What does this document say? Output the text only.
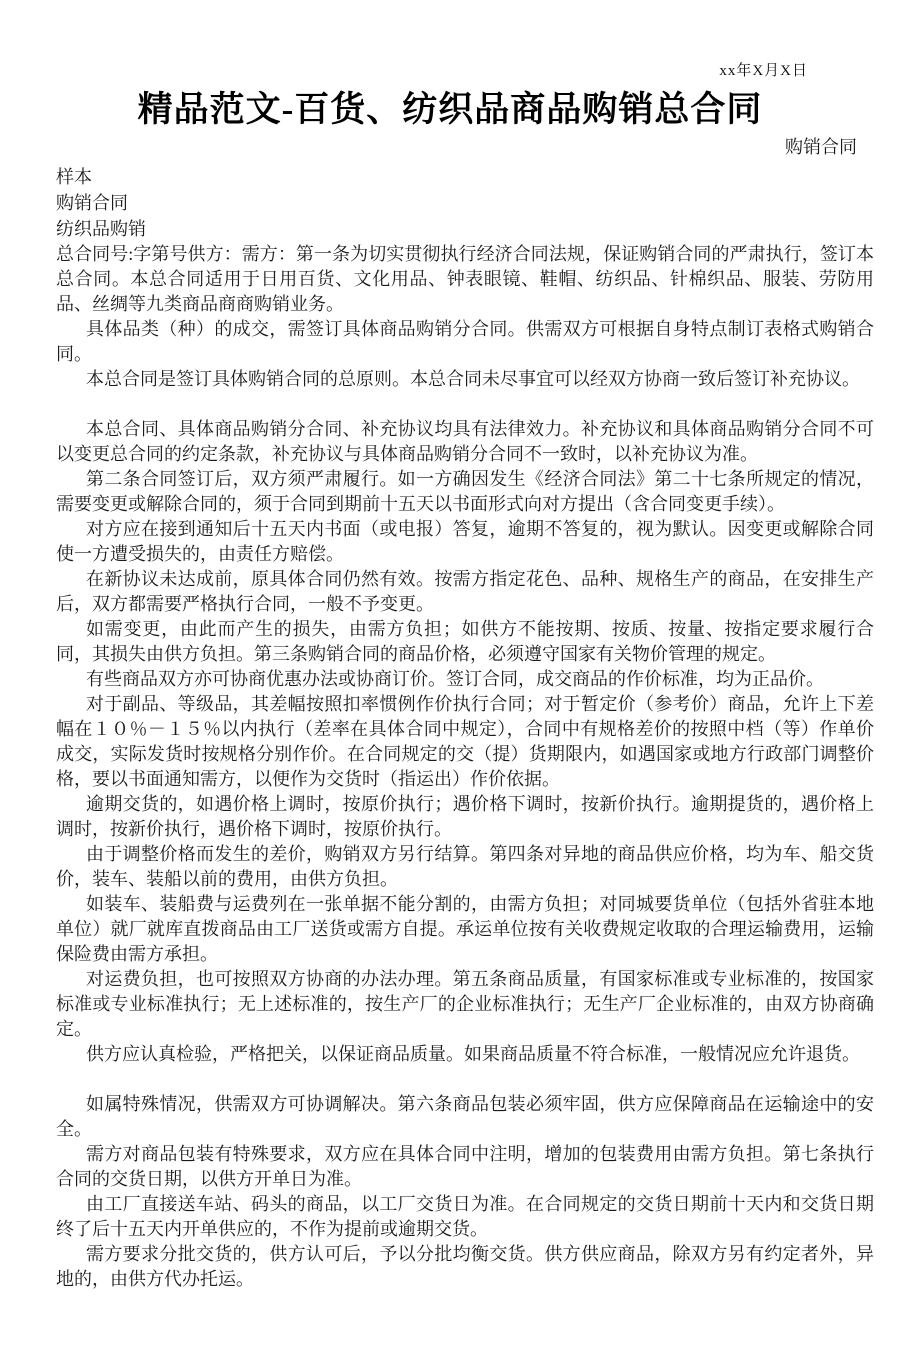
xx年X月X日
精品范文-百货、纺织品商品购销总合同
购销合同
样本
购销合同
纺织品购销

总合同号:字第号供方：需方：第一条为切实贯彻执行经济合同法规，保证购销合同的严肃执行，签订本总合同。本总合同适用于日用百货、文化用品、钟表眼镜、鞋帽、纺织品、针棉织品、服装、劳防用品、丝绸等九类商品商商购销业务。

具体品类（种）的成交，需签订具体商品购销分合同。供需双方可根据自身特点制订表格式购销合同。

本总合同是签订具体购销合同的总原则。本总合同未尽事宜可以经双方协商一致后签订补充协议。

本总合同、具体商品购销分合同、补充协议均具有法律效力。补充协议和具体商品购销分合同不可以变更总合同的约定条款，补充协议与具体商品购销分合同不一致时，以补充协议为准。

第二条合同签订后，双方须严肃履行。如一方确因发生《经济合同法》第二十七条所规定的情况，需要变更或解除合同的，须于合同到期前十五天以书面形式向对方提出（含合同变更手续）。

对方应在接到通知后十五天内书面（或电报）答复，逾期不答复的，视为默认。因变更或解除合同使一方遭受损失的，由责任方赔偿。

在新协议未达成前，原具体合同仍然有效。按需方指定花色、品种、规格生产的商品，在安排生产后，双方都需要严格执行合同，一般不予变更。

如需变更，由此而产生的损失，由需方负担；如供方不能按期、按质、按量、按指定要求履行合同，其损失由供方负担。第三条购销合同的商品价格，必须遵守国家有关物价管理的规定。

有些商品双方亦可协商优惠办法或协商订价。签订合同，成交商品的作价标准，均为正品价。

对于副品、等级品，其差幅按照扣率惯例作价执行合同；对于暂定价（参考价）商品，允许上下差幅在１０％－１５％以内执行（差率在具体合同中规定），合同中有规格差价的按照中档（等）作单价成交，实际发货时按规格分别作价。在合同规定的交（提）货期限内，如遇国家或地方行政部门调整价格，要以书面通知需方，以便作为交货时（指运出）作价依据。

逾期交货的，如遇价格上调时，按原价执行；遇价格下调时，按新价执行。逾期提货的，遇价格上调时，按新价执行，遇价格下调时，按原价执行。

由于调整价格而发生的差价，购销双方另行结算。第四条对异地的商品供应价格，均为车、船交货价，装车、装船以前的费用，由供方负担。

如装车、装船费与运费列在一张单据不能分割的，由需方负担；对同城要货单位（包括外省驻本地单位）就厂就库直拨商品由工厂送货或需方自提。承运单位按有关收费规定收取的合理运输费用，运输保险费由需方承担。

对运费负担，也可按照双方协商的办法办理。第五条商品质量，有国家标准或专业标准的，按国家标准或专业标准执行；无上述标准的，按生产厂的企业标准执行；无生产厂企业标准的，由双方协商确定。

供方应认真检验，严格把关，以保证商品质量。如果商品质量不符合标准，一般情况应允许退货。

如属特殊情况，供需双方可协调解决。第六条商品包装必须牢固，供方应保障商品在运输途中的安全。

需方对商品包装有特殊要求，双方应在具体合同中注明，增加的包装费用由需方负担。第七条执行合同的交货日期，以供方开单日为准。

由工厂直接送车站、码头的商品，以工厂交货日为准。在合同规定的交货日期前十天内和交货日期终了后十五天内开单供应的，不作为提前或逾期交货。

需方要求分批交货的，供方认可后，予以分批均衡交货。供方供应商品，除双方另有约定者外，异地的，由供方代办托运。
